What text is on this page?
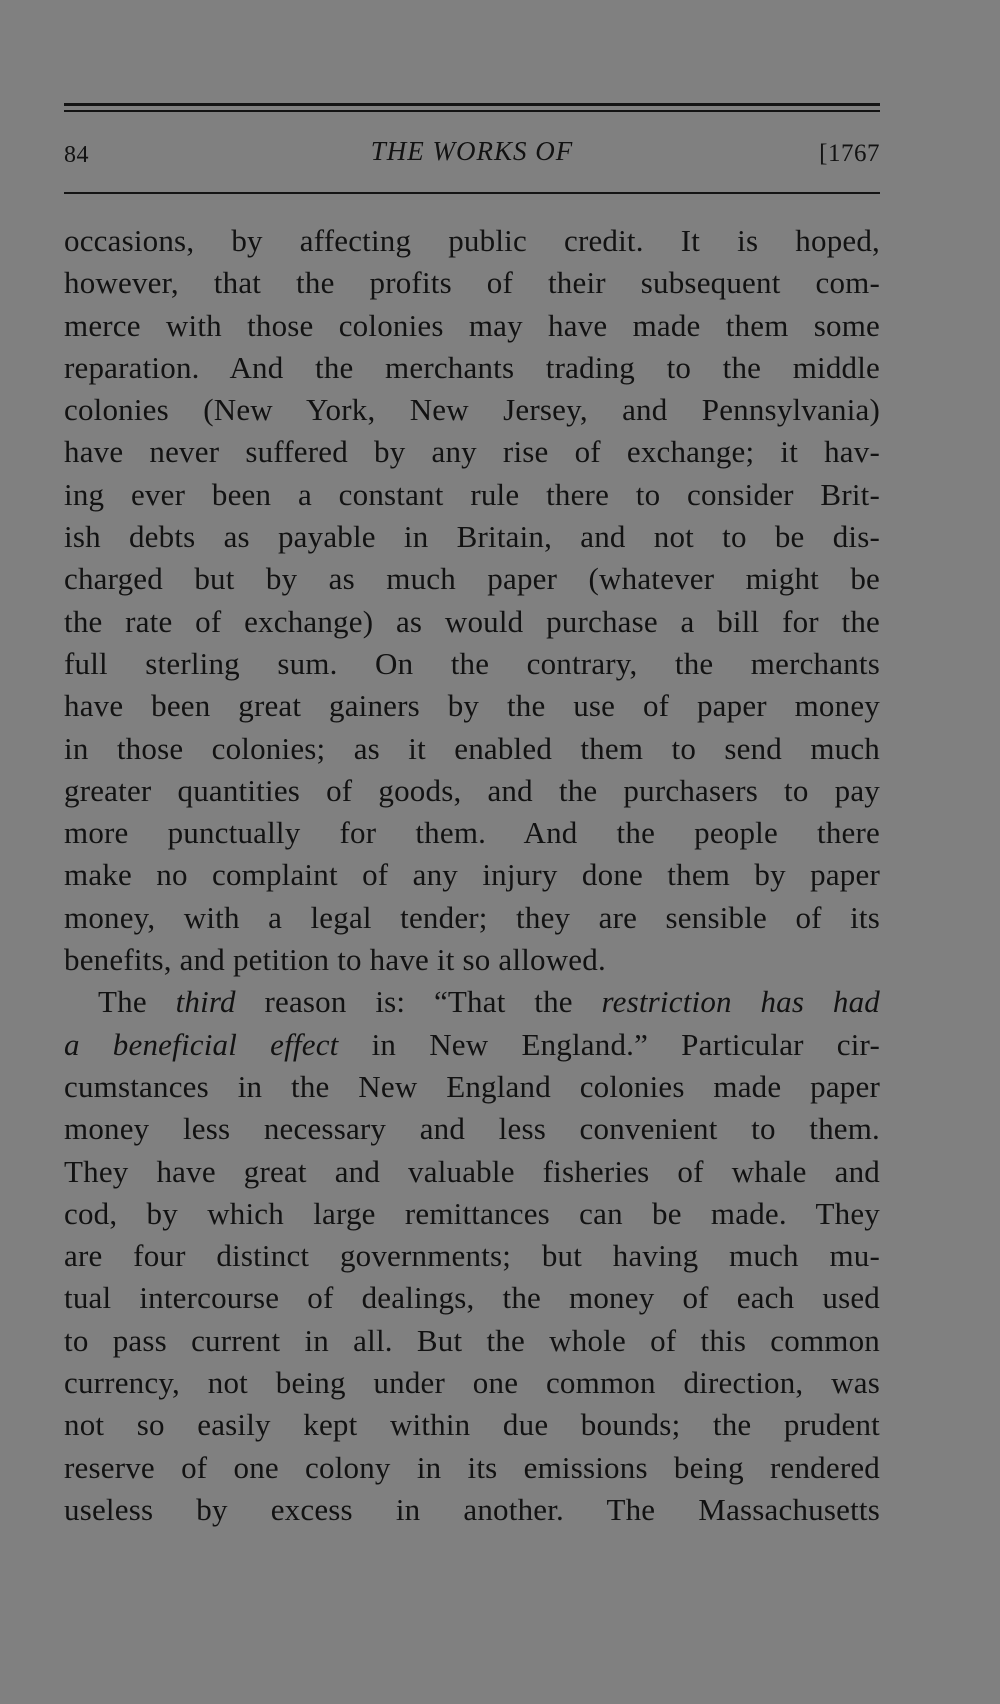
84	THE WORKS OF	[1767
occasions, by affecting public credit. It is hoped,
however, that the profits of their subsequent com-
merce with those colonies may have made them some
reparation. And the merchants trading to the middle
colonies (New York, New Jersey, and Pennsylvania)
have never suffered by any rise of exchange; it hav-
ing ever been a constant rule there to consider Brit-
ish debts as payable in Britain, and not to be dis-
charged but by as much paper (whatever might be
the rate of exchange) as would purchase a bill for the
full sterling sum. On the contrary, the merchants
have been great gainers by the use of paper money
in those colonies; as it enabled them to send much
greater quantities of goods, and the purchasers to pay
more punctually for them. And the people there
make no complaint of any injury done them by paper
money, with a legal tender; they are sensible of its
benefits, and petition to have it so allowed.
The third reason is: “That the restriction has had
a beneficial effect in New England.” Particular cir-
cumstances in the New England colonies made paper
money less necessary and less convenient to them.
They have great and valuable fisheries of whale and
cod, by which large remittances can be made. They
are four distinct governments; but having much mu-
tual intercourse of dealings, the money of each used
to pass current in all. But the whole of this common
currency, not being under one common direction, was
not so easily kept within due bounds; the prudent
reserve of one colony in its emissions being rendered
useless by excess in another. The Massachusetts
